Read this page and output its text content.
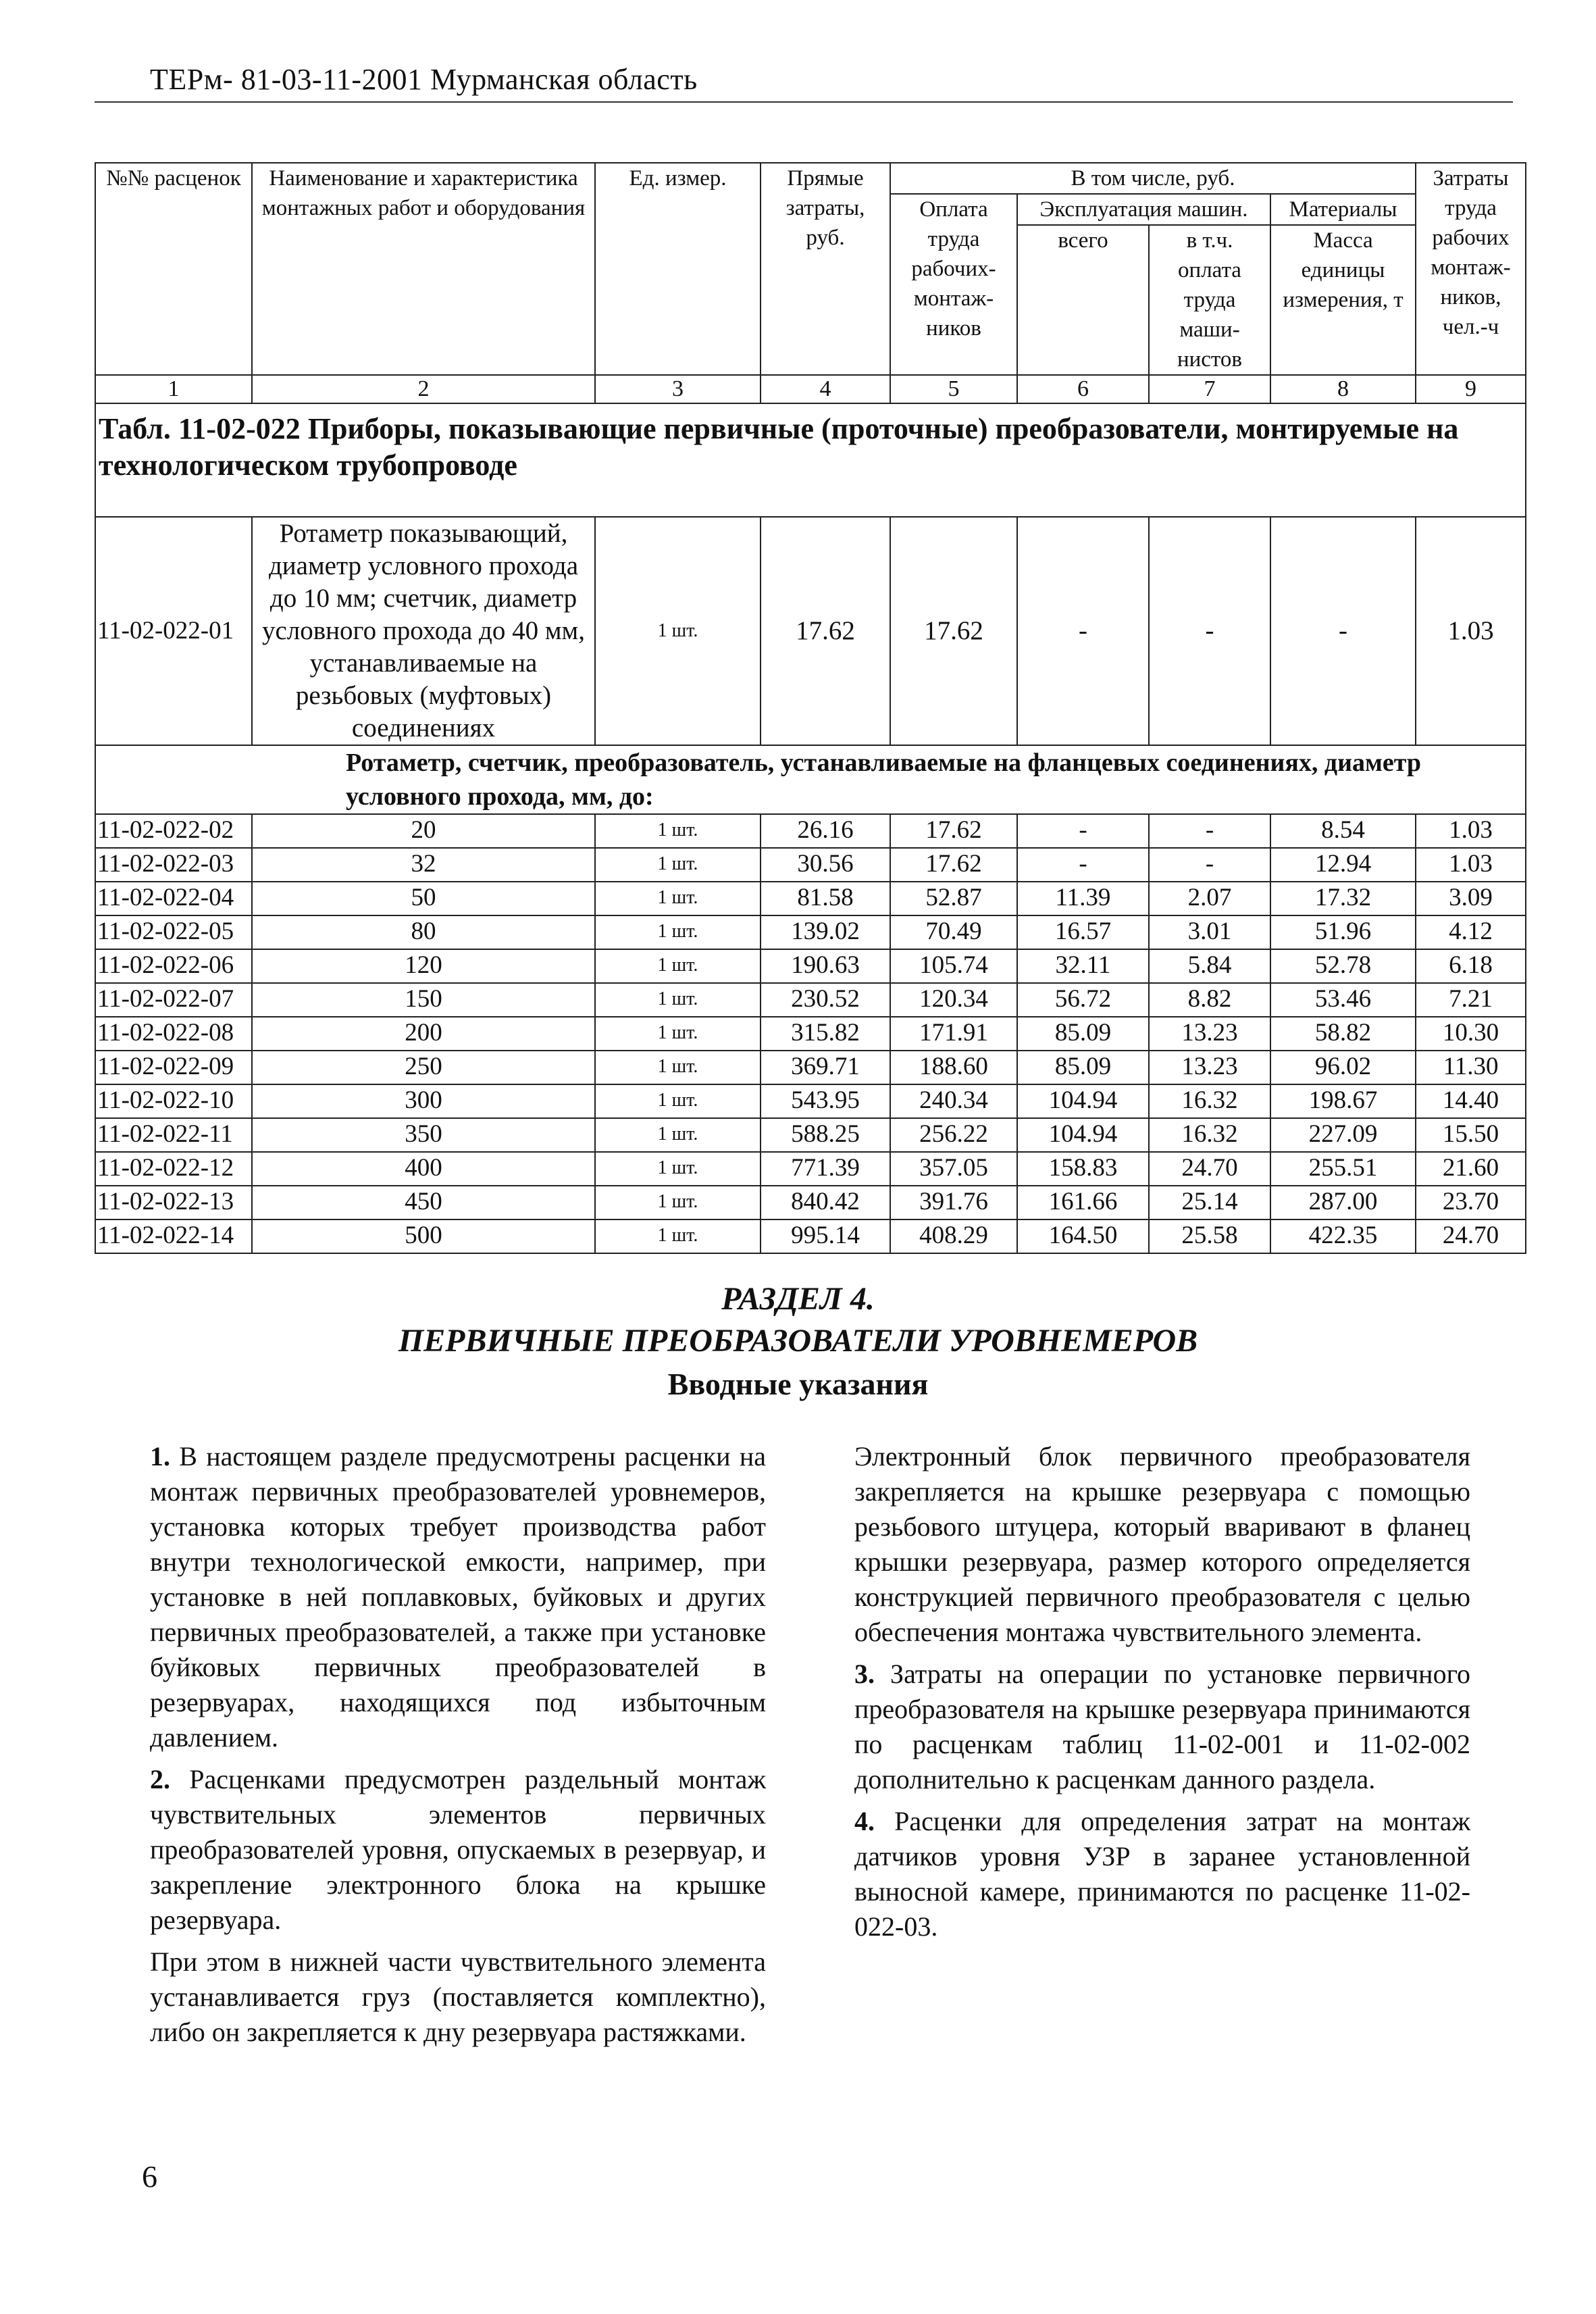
ТЕРм- 81-03-11-2001 Мурманская область
№№ расценок	Наименование и характеристика монтажных работ и оборудования	Ед. измер.	Прямые затраты, руб.	В том числе, руб.				Затраты труда рабочих монтаж-ников, чел.-ч
				Оплата труда рабочих-монтаж-ников	Эксплуатация машин.		Материалы	
					всего	в т.ч. оплата труда маши-нистов	Масса единицы измерения, т	
1	2	3	4	5	6	7	8	9
Табл. 11-02-022 Приборы, показывающие первичные (проточные) преобразователи, монтируемые на технологическом трубопроводе								
11-02-022-01	Ротаметр показывающий, диаметр условного прохода до 10 мм; счетчик, диаметр условного прохода до 40 мм, устанавливаемые на резьбовых (муфтовых) соединениях	1 шт.	17.62	17.62	-	-	-	1.03
Ротаметр, счетчик, преобразователь, устанавливаемые на фланцевых соединениях, диаметр условного прохода, мм, до:								
11-02-022-02	20	1 шт.	26.16	17.62	-	-	8.54	1.03
11-02-022-03	32	1 шт.	30.56	17.62	-	-	12.94	1.03
11-02-022-04	50	1 шт.	81.58	52.87	11.39	2.07	17.32	3.09
11-02-022-05	80	1 шт.	139.02	70.49	16.57	3.01	51.96	4.12
11-02-022-06	120	1 шт.	190.63	105.74	32.11	5.84	52.78	6.18
11-02-022-07	150	1 шт.	230.52	120.34	56.72	8.82	53.46	7.21
11-02-022-08	200	1 шт.	315.82	171.91	85.09	13.23	58.82	10.30
11-02-022-09	250	1 шт.	369.71	188.60	85.09	13.23	96.02	11.30
11-02-022-10	300	1 шт.	543.95	240.34	104.94	16.32	198.67	14.40
11-02-022-11	350	1 шт.	588.25	256.22	104.94	16.32	227.09	15.50
11-02-022-12	400	1 шт.	771.39	357.05	158.83	24.70	255.51	21.60
11-02-022-13	450	1 шт.	840.42	391.76	161.66	25.14	287.00	23.70
11-02-022-14	500	1 шт.	995.14	408.29	164.50	25.58	422.35	24.70
РАЗДЕЛ 4.
ПЕРВИЧНЫЕ ПРЕОБРАЗОВАТЕЛИ УРОВНЕМЕРОВ
Вводные указания

1. В настоящем разделе предусмотрены расценки на монтаж первичных преобразователей уровнемеров, установка которых требует производства работ внутри технологической емкости, например, при установке в ней поплавковых, буйковых и других первичных преобразователей, а также при установке буйковых первичных преобразователей в резервуарах, находящихся под избыточным давлением.

2. Расценками предусмотрен раздельный монтаж чувствительных элементов первичных преобразователей уровня, опускаемых в резервуар, и закрепление электронного блока на крышке резервуара.

При этом в нижней части чувствительного элемента устанавливается груз (поставляется комплектно), либо он закрепляется к дну резервуара растяжками.

Электронный блок первичного преобразователя закрепляется на крышке резервуара с помощью резьбового штуцера, который вваривают в фланец крышки резервуара, размер которого определяется конструкцией первичного преобразователя с целью обеспечения монтажа чувствительного элемента.

3. Затраты на операции по установке первичного преобразователя на крышке резервуара принимаются по расценкам таблиц 11-02-001 и 11-02-002 дополнительно к расценкам данного раздела.

4. Расценки для определения затрат на монтаж датчиков уровня УЗР в заранее установленной выносной камере, принимаются по расценке 11-02-022-03.

6
